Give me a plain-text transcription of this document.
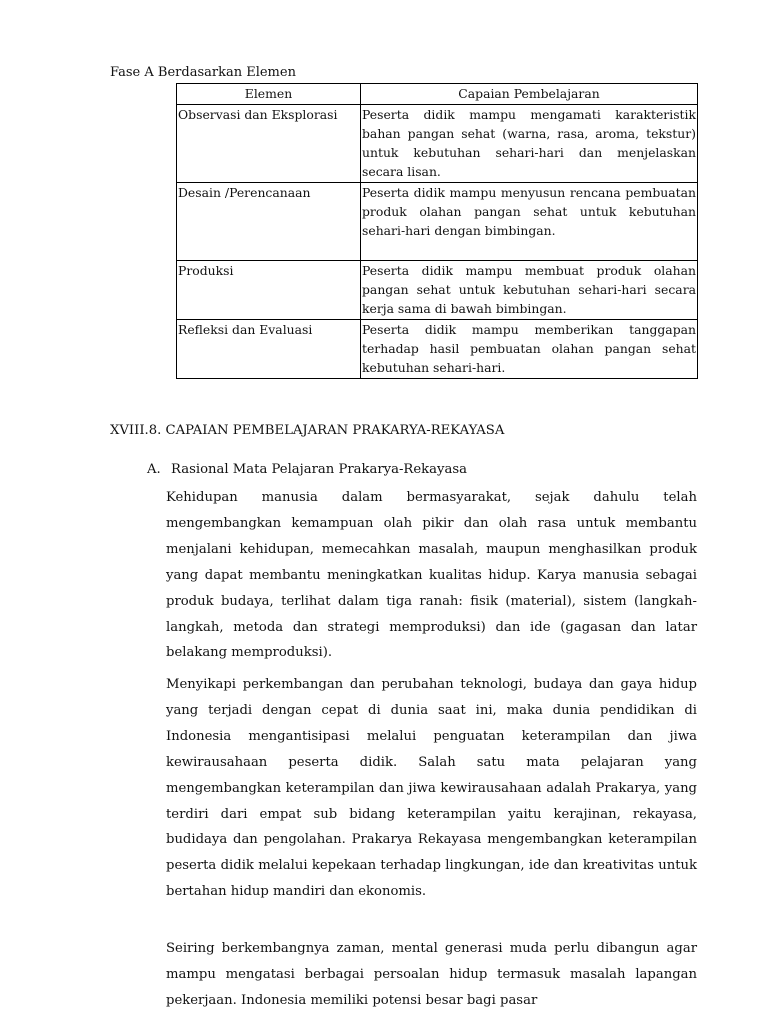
Fase A Berdasarkan Elemen
Elemen	Capaian Pembelajaran
Observasi dan Eksplorasi	Peserta didik mampu mengamati karakteristik bahan pangan sehat (warna, rasa, aroma, tekstur) untuk kebutuhan sehari-hari dan menjelaskan secara lisan.
Desain /Perencanaan	Peserta didik mampu menyusun rencana pembuatan produk olahan pangan sehat untuk kebutuhan sehari-hari dengan bimbingan.
Produksi	Peserta didik mampu membuat produk olahan pangan sehat untuk kebutuhan sehari-hari secara kerja sama di bawah bimbingan.
Refleksi dan Evaluasi	Peserta didik mampu memberikan tanggapan terhadap hasil pembuatan olahan pangan sehat kebutuhan sehari-hari.
XVIII.8. CAPAIAN PEMBELAJARAN PRAKARYA-REKAYASA
A. Rasional Mata Pelajaran Prakarya-Rekayasa

Kehidupan manusia dalam bermasyarakat, sejak dahulu telah mengembangkan kemampuan olah pikir dan olah rasa untuk membantu menjalani kehidupan, memecahkan masalah, maupun menghasilkan produk yang dapat membantu meningkatkan kualitas hidup. Karya manusia sebagai produk budaya, terlihat dalam tiga ranah: fisik (material), sistem (langkah-langkah, metoda dan strategi memproduksi) dan ide (gagasan dan latar belakang memproduksi).

Menyikapi perkembangan dan perubahan teknologi, budaya dan gaya hidup yang terjadi dengan cepat di dunia saat ini, maka dunia pendidikan di Indonesia mengantisipasi melalui penguatan keterampilan dan jiwa kewirausahaan peserta didik. Salah satu mata pelajaran yang mengembangkan keterampilan dan jiwa kewirausahaan adalah Prakarya, yang terdiri dari empat sub bidang keterampilan yaitu kerajinan, rekayasa, budidaya dan pengolahan. Prakarya Rekayasa mengembangkan keterampilan peserta didik melalui kepekaan terhadap lingkungan, ide dan kreativitas untuk bertahan hidup mandiri dan ekonomis.

Seiring berkembangnya zaman, mental generasi muda perlu dibangun agar mampu mengatasi berbagai persoalan hidup termasuk masalah lapangan pekerjaan. Indonesia memiliki potensi besar bagi pasar
